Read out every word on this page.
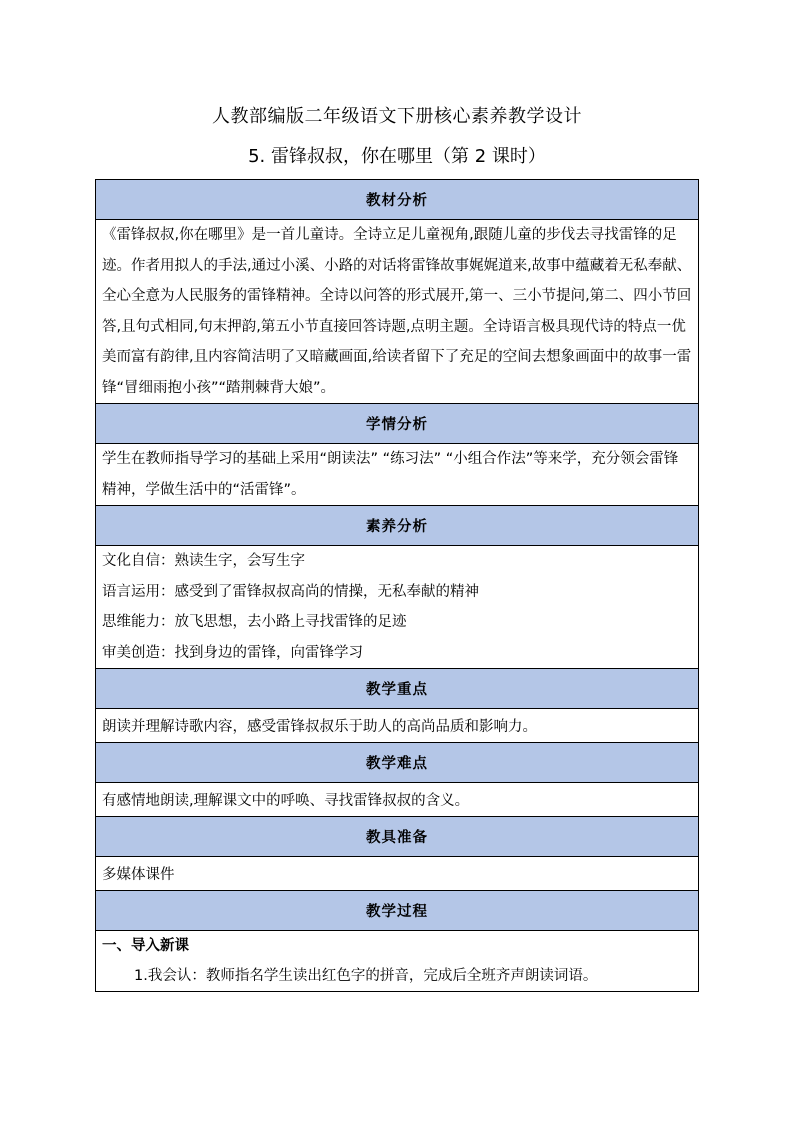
人教部编版二年级语文下册核心素养教学设计
5. 雷锋叔叔，你在哪里（第 2 课时）
教材分析
《雷锋叔叔,你在哪里》是一首儿童诗。全诗立足儿童视角,跟随儿童的步伐去寻找雷锋的足迹。作者用拟人的手法,通过小溪、小路的对话将雷锋故事娓娓道来,故事中蕴藏着无私奉献、全心全意为人民服务的雷锋精神。全诗以问答的形式展开,第一、三小节提问,第二、四小节回答,且句式相同,句末押韵,第五小节直接回答诗题,点明主题。全诗语言极具现代诗的特点一优美而富有韵律,且内容简洁明了又暗藏画面,给读者留下了充足的空间去想象画面中的故事一雷锋“冒细雨抱小孩”“踏荆棘背大娘”。
学情分析
学生在教师指导学习的基础上采用“朗读法” “练习法” “小组合作法”等来学，充分领会雷锋精神，学做生活中的“活雷锋”。
素养分析

文化自信：熟读生字，会写生字
语言运用：感受到了雷锋叔叔高尚的情操，无私奉献的精神
思维能力：放飞思想，去小路上寻找雷锋的足迹
审美创造：找到身边的雷锋，向雷锋学习

教学重点
朗读并理解诗歌内容，感受雷锋叔叔乐于助人的高尚品质和影响力。
教学难点
有感情地朗读,理解课文中的呼唤、寻找雷锋叔叔的含义。
教具准备
多媒体课件
教学过程

一、导入新课
1.我会认：教师指名学生读出红色字的拼音，完成后全班齐声朗读词语。
